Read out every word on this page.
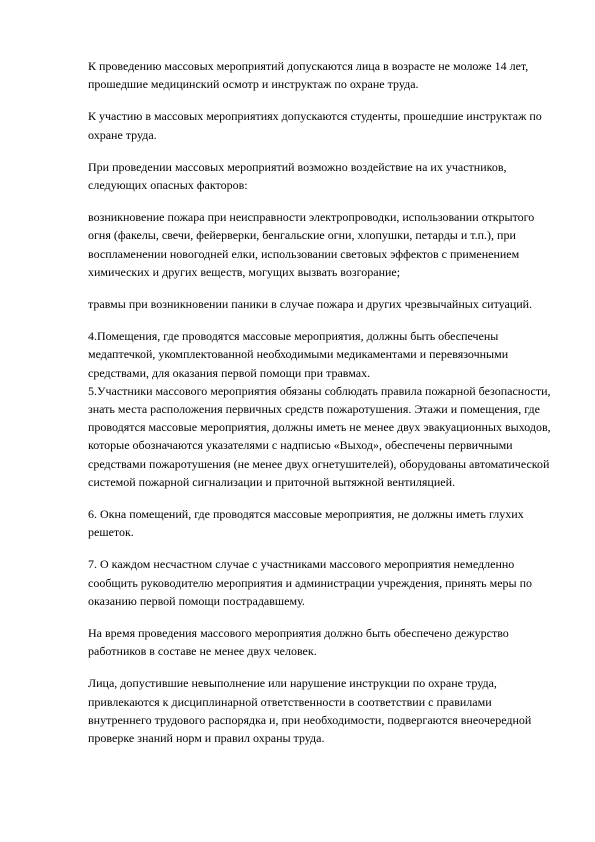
К проведению массовых мероприятий допускаются лица в возрасте не моложе 14 лет, прошедшие медицинский осмотр и инструктаж по охране труда.

К участию в массовых мероприятиях допускаются студенты, прошедшие инструктаж по охране труда.

При проведении массовых мероприятий возможно воздействие на их участников, следующих опасных факторов:

возникновение пожара при неисправности электропроводки, использовании открытого огня (факелы, свечи, фейерверки, бенгальские огни, хлопушки, петарды и т.п.), при воспламенении новогодней елки, использовании световых эффектов с применением химических и других веществ, могущих вызвать возгорание;

травмы при возникновении паники в случае пожара и других чрезвычайных ситуаций.

4.Помещения, где проводятся массовые мероприятия, должны быть обеспечены медаптечкой, укомплектованной необходимыми медикаментами и перевязочными средствами, для оказания первой помощи при травмах.

5.Участники массового мероприятия обязаны соблюдать правила пожарной безопасности, знать места расположения первичных средств пожаротушения. Этажи и помещения, где проводятся массовые мероприятия, должны иметь не менее двух эвакуационных выходов, которые обозначаются указателями с надписью «Выход», обеспечены первичными средствами пожаротушения (не менее двух огнетушителей), оборудованы автоматической системой пожарной сигнализации и приточной вытяжной вентиляцией.

6. Окна помещений, где проводятся массовые мероприятия, не должны иметь глухих решеток.

7. О каждом несчастном случае с участниками массового мероприятия немедленно сообщить руководителю мероприятия и администрации учреждения, принять меры по оказанию первой помощи пострадавшему.

На время проведения массового мероприятия должно быть обеспечено дежурство работников в составе не менее двух человек.

Лица, допустившие невыполнение или нарушение инструкции по охране труда, привлекаются к дисциплинарной ответственности в соответствии с правилами внутреннего трудового распорядка и, при необходимости, подвергаются внеочередной проверке знаний норм и правил охраны труда.
